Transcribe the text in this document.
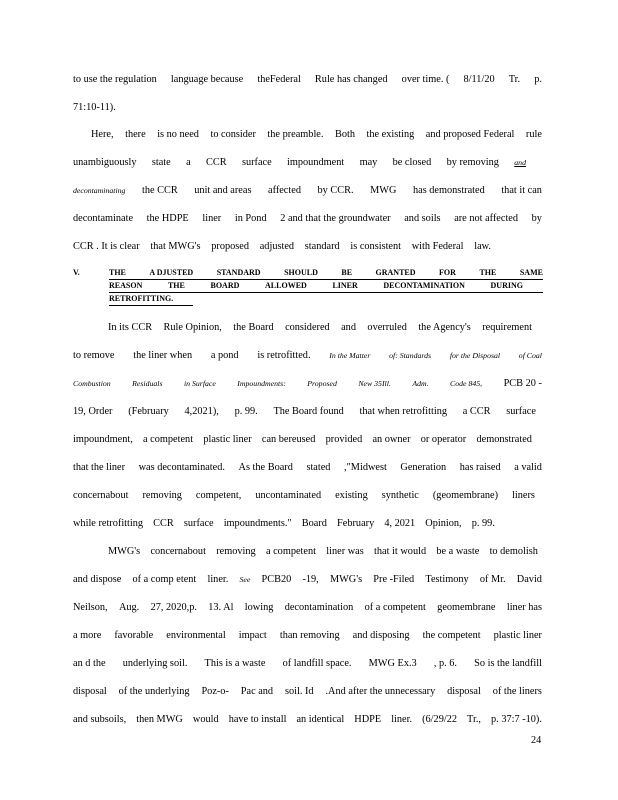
to use the regulation language because theFederal Rule has changed over time. ( 8/11/20 Tr. p.
71:10-11).
Here, there is no need to consider the preamble. Both the existing and proposed Federal rule
unambiguously state a CCR surface impoundment may be closed by removing and
decontaminating the CCR unit and areas affected by CCR. MWG has demonstrated that it can
decontaminate the HDPE liner in Pond 2 and that the groundwater and soils are not affected by
CCR . It is clear that MWG's proposed adjusted standard is consistent with Federal law.
V.	THE	A DJUSTED	STANDARD	SHOULD	BE	GRANTED	FOR	THE	SAME
REASON	THE	BOARD	ALLOWED	LINER	DECONTAMINATION	DURING
RETROFITTING.
In its CCR Rule Opinion, the Board considered and overruled the Agency's requirement
to remove the liner when a pond is retrofitted. In the Matter of: Standards for the Disposal of Coal
Combustion	Residuals	in Surface	Impoundments:	Proposed	New 35Ill.	Adm.	Code 845, PCB 20 -
19, Order (February 4,2021), p. 99. The Board found that when retrofitting a CCR surface
impoundment, a competent plastic liner can bereused provided an owner or operator demonstrated
that the liner was decontaminated. As the Board stated ,"Midwest Generation has raised a valid
concernabout removing competent, uncontaminated existing synthetic (geomembrane) liners
while retrofitting CCR surface impoundments." Board February 4, 2021 Opinion, p. 99.
MWG's concernabout removing a competent liner was that it would be a waste to demolish
and dispose of a comp etent liner. See PCB20 -19, MWG's Pre -Filed Testimony of Mr. David
Neilson, Aug. 27, 2020,p. 13. Al lowing decontamination of a competent geomembrane liner has
a more favorable environmental impact than removing and disposing the competent plastic liner
an d the underlying soil. This is a waste of landfill space. MWG Ex.3 , p. 6. So is the landfill
disposal of the underlying Poz-o- Pac and soil. Id .And after the unnecessary disposal of the liners
and subsoils, then MWG would have to install an identical HDPE liner. (6/29/22 Tr., p. 37:7 -10).
24
